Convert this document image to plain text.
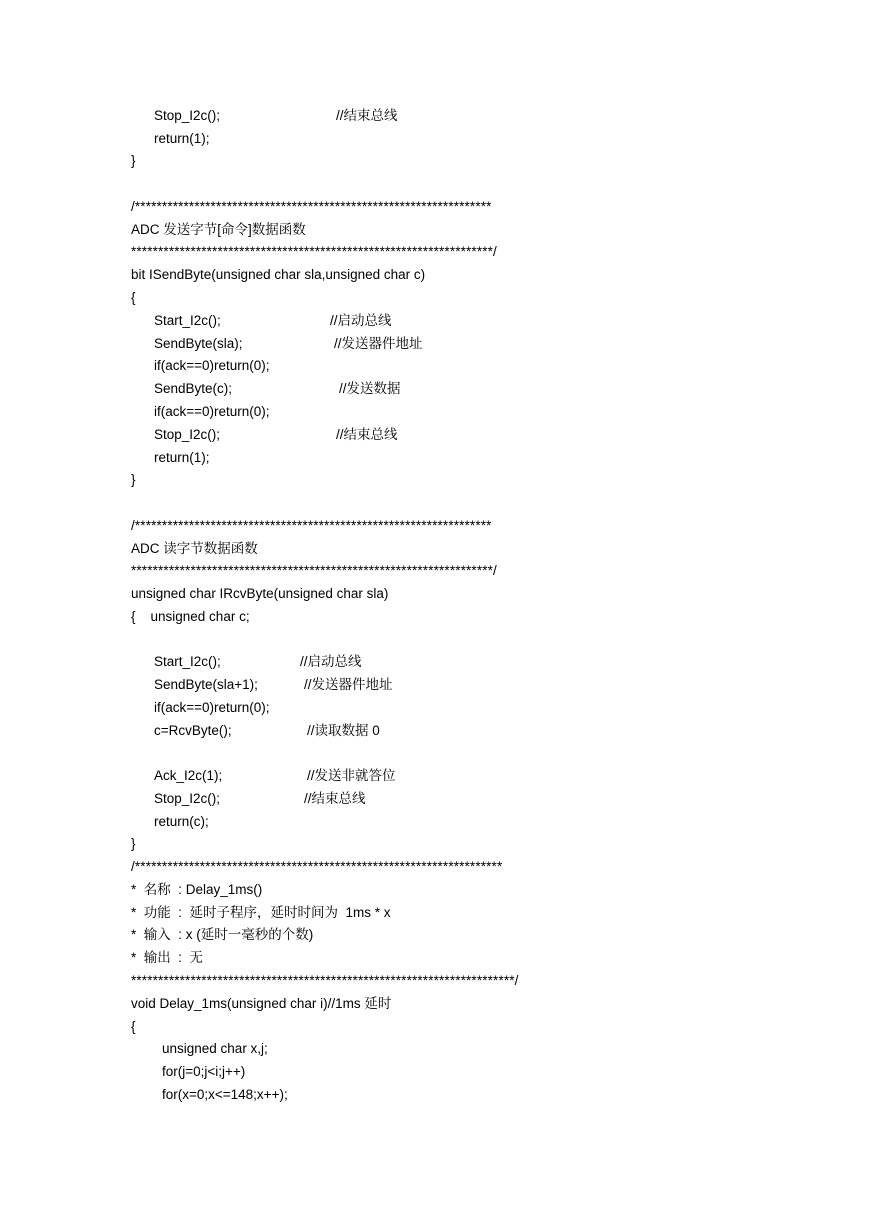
Stop_I2c();	//结束总线
return(1);
}
/******************************************************************
ADC 发送字节[命令]数据函数
*******************************************************************/
bit ISendByte(unsigned char sla,unsigned char c)
{
Start_I2c();	//启动总线
SendByte(sla);	//发送器件地址
if(ack==0)return(0);
SendByte(c);	//发送数据
if(ack==0)return(0);
Stop_I2c();	//结束总线
return(1);
}
/******************************************************************
ADC 读字节数据函数
*******************************************************************/
unsigned char IRcvByte(unsigned char sla)
{    unsigned char c;
Start_I2c();	//启动总线
SendByte(sla+1);	//发送器件地址
if(ack==0)return(0);
c=RcvByte();	//读取数据 0
Ack_I2c(1);	//发送非就答位
Stop_I2c();	//结束总线
return(c);
}
/********************************************************************
*  名称  : Delay_1ms()
*  功能  :  延时子程序，延时时间为  1ms * x
*  输入  : x (延时一毫秒的个数)
*  输出  :  无
***********************************************************************/
void Delay_1ms(unsigned char i)//1ms 延时
{
unsigned char x,j;
for(j=0;j<i;j++)
for(x=0;x<=148;x++);
